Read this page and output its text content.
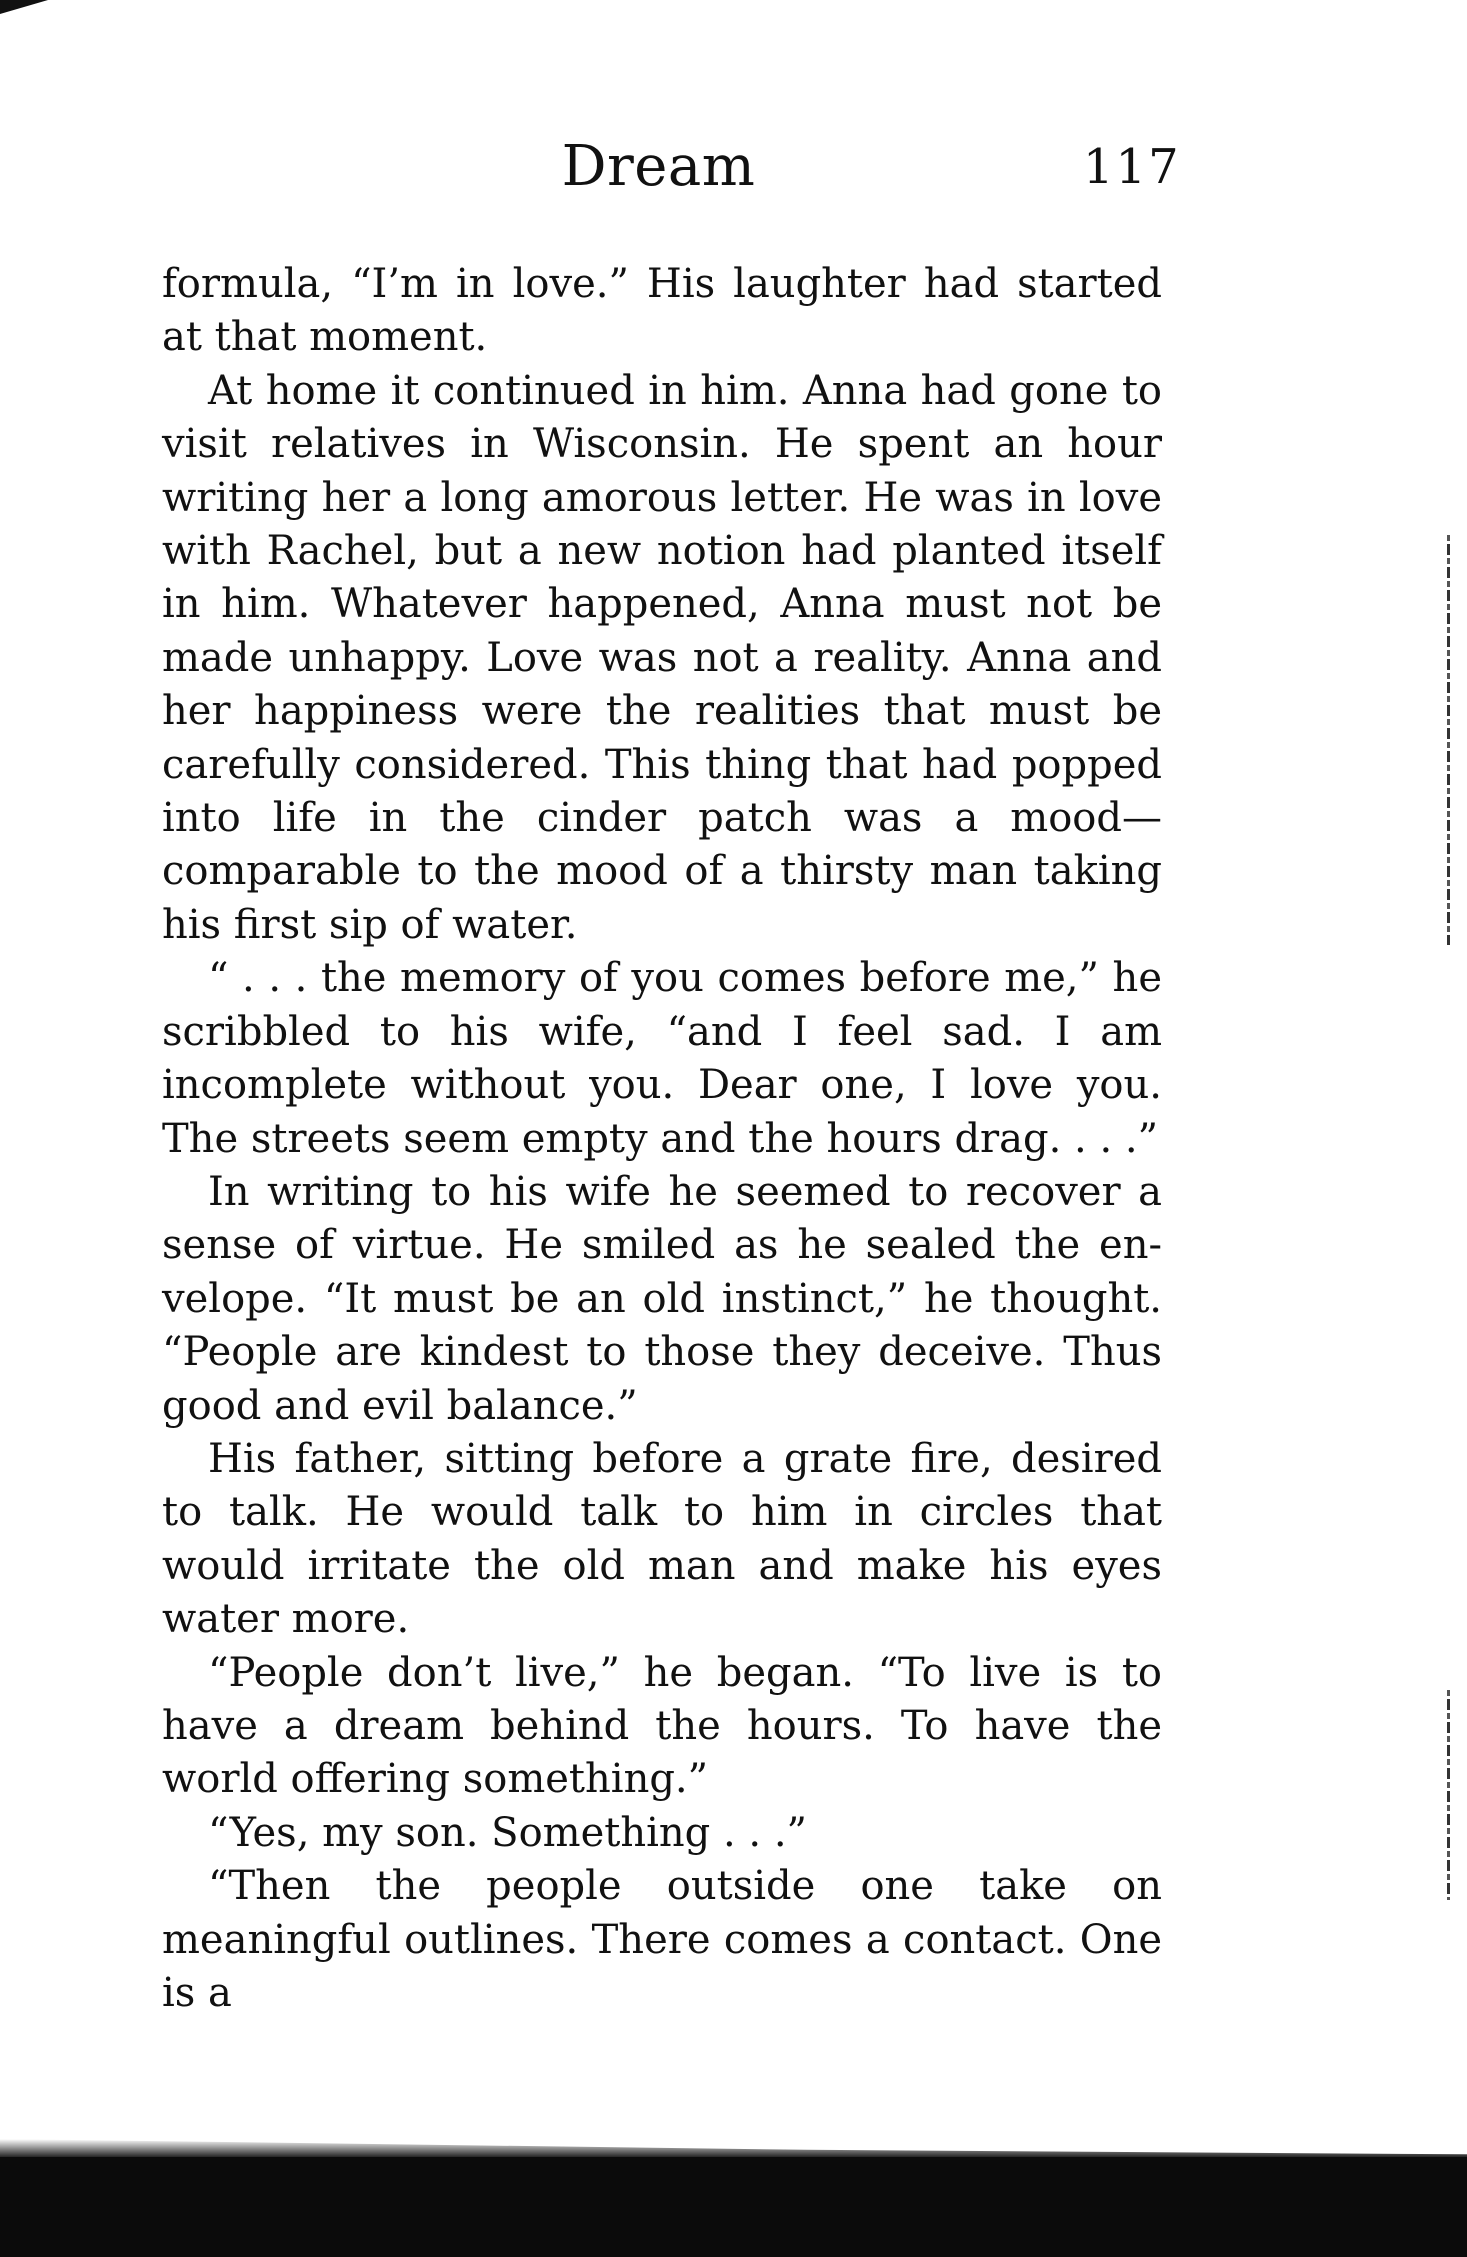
Dream	117

formula, “I’m in love.” His laughter had started at that moment.

At home it continued in him. Anna had gone to visit relatives in Wisconsin. He spent an hour writing her a long amorous letter. He was in love with Rachel, but a new notion had planted itself in him. Whatever happened, Anna must not be made unhappy. Love was not a reality. Anna and her happiness were the realities that must be carefully considered. This thing that had popped into life in the cinder patch was a mood—comparable to the mood of a thirsty man taking his first sip of water.

“ . . . the memory of you comes before me,” he scribbled to his wife, “and I feel sad. I am incomplete without you. Dear one, I love you. The streets seem empty and the hours drag. . . .”

In writing to his wife he seemed to recover a sense of virtue. He smiled as he sealed the envelope. “It must be an old instinct,” he thought. “People are kindest to those they deceive. Thus good and evil balance.”

His father, sitting before a grate fire, desired to talk. He would talk to him in circles that would irritate the old man and make his eyes water more.

“People don’t live,” he began. “To live is to have a dream behind the hours. To have the world offering something.”

“Yes, my son. Something . . .”

“Then the people outside one take on meaningful outlines. There comes a contact. One is a
